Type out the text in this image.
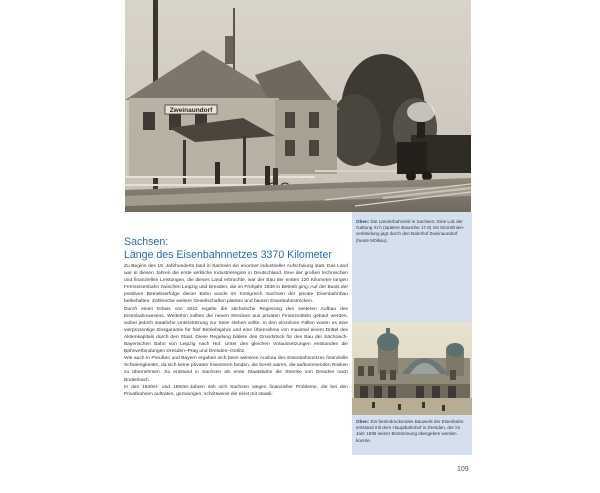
Zweinaundorf
Oben: Die Länderbahnzeit in Sachsen: Eine Lok der Gattung XI h (spätere Baureihe 17.6) mit Stromlinienverkleidung jagt durch den Bahnhof Zweinaundorf (heute Mölkau).
Oben: Ein beeindruckendes Bauwerk der Eisenbahn entstand mit dem Hauptbahnhof in Dresden, der im Jahr 1898 seiner Bestimmung übergeben werden konnte.
Sachsen:
Länge des Eisenbahnnetzes 3370 Kilometer

Zu Beginn des 19. Jahrhunderts fand in Sachsen ein enormer industrieller Aufschwung statt. Das Land war in diesen Jahren die erste wirkliche Industrieregion in Deutschland. Eine der großen technischen und finanziellen Leistungen, die dieses Land erbrachte, war der Bau der ersten 120 Kilometer langen Fernseisenbahn zwischen Leipzig und Dresden, die im Frühjahr 1839 in Betrieb ging. Auf der Basis der positiven Betriebserfolge dieser Bahn wurde im Königreich Sachsen der private Eisenbahnbau beibehalten. Zahlreiche weitere Gesellschaften planten und bauten Eisenbahnstrecken.

Durch einen Erlass von 1842 regelte die sächsische Regierung den weiteren Aufbau des Eisenbahnwesens. Weiterhin sollten die neuen Strecken aus privaten Finanzmitteln gebaut werden, wobei jedoch staatliche Unterstützung zur Seite stehen sollte. In den einzelnen Fällen waren es eine vierprozentige Zinsgarantie für fünf Betriebsjahre und eine Übernahme von maximal einem Drittel des Aktienkapitals durch den Staat. Diese Regelung bildete den Grundstock für den Bau der Sächsisch-Bayerischen Bahn von Leipzig nach Hof. Unter den gleichen Voraussetzungen entstanden die Bahnverbindungen Dresden–Prag und Dresden–Görlitz.

Wie auch in Preußen und Bayern ergaben sich beim weiteren Ausbau des Eisenbahnnetzes finanzielle Schwierigkeiten, da sich keine privaten Investoren fanden, die bereit waren, die aufkommenden Risiken zu übernehmen. So entstand in Sachsen als erste Staatsbahn die Strecke von Dresden nach Bodenbach.

In den 1840er- und 1850er-Jahren sah sich Sachsen wegen finanzieller Probleme, die bei den Privatbahnen auftraten, gezwungen, schrittweise die einst mit staatli-

109
